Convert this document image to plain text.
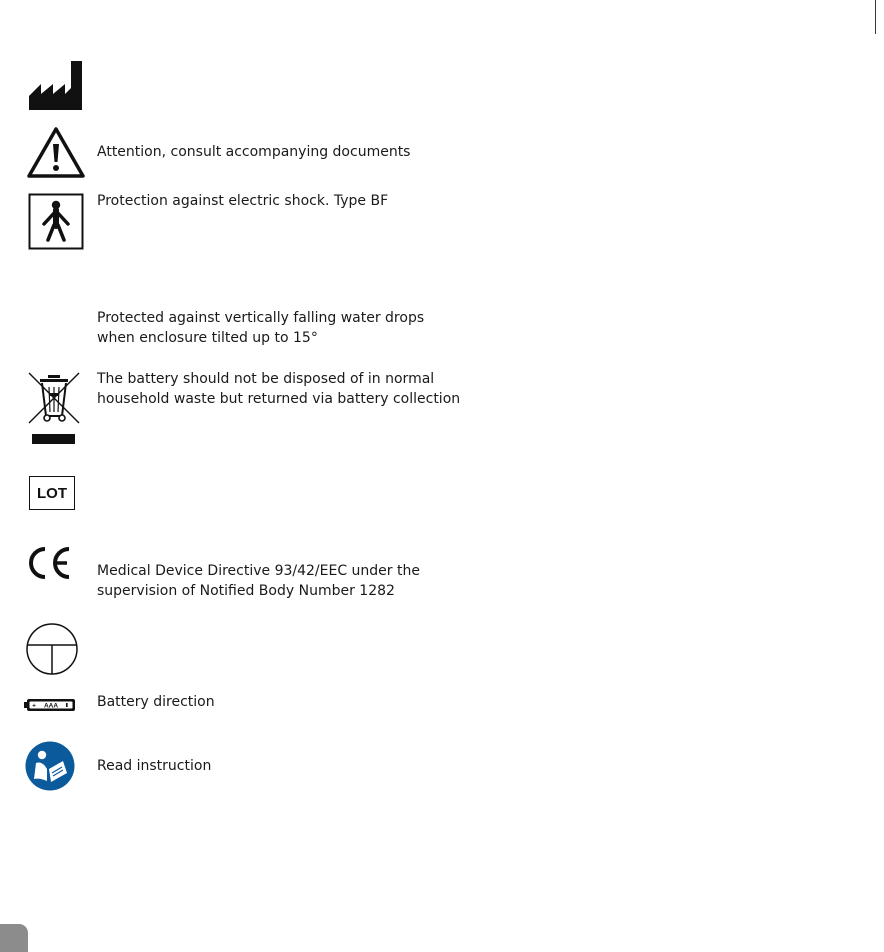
Attention, consult accompanying documents

Protection against electric shock. Type BF

Protected against vertically falling water drops
when enclosure tilted up to 15°

The battery should not be disposed of in normal
household waste but returned via battery collection

LOT

Medical Device Directive 93/42/EEC under the
supervision of Notified Body Number 1282

+ AAA	Battery direction

Read instruction
